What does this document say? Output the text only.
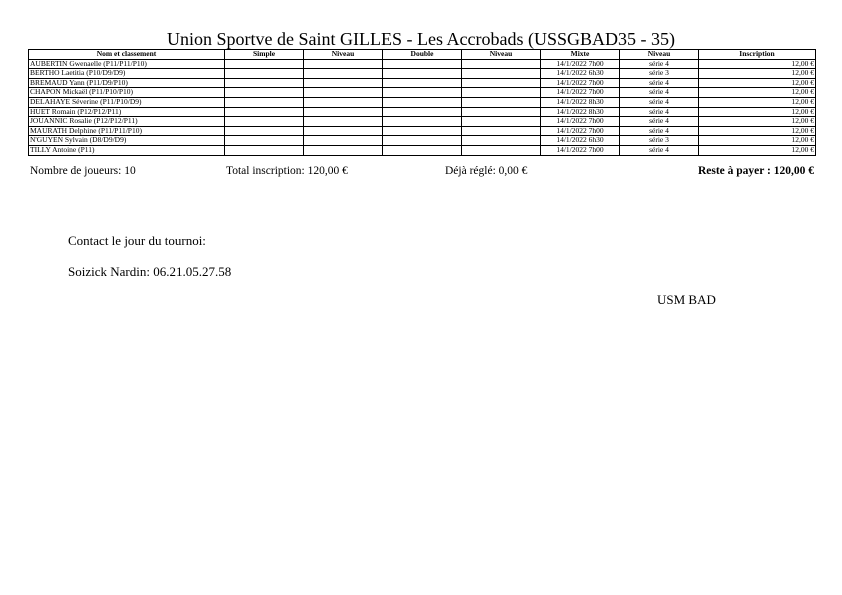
Union Sportve de Saint GILLES - Les Accrobads (USSGBAD35 - 35)
Nom et classement	Simple	Niveau	Double	Niveau	Mixte	Niveau	Inscription
AUBERTIN Gwenaelle (P11/P11/P10)					14/1/2022 7h00	série 4	12,00 €
BERTHO Laetitia (P10/D9/D9)					14/1/2022 6h30	série 3	12,00 €
BREMAUD Yann (P11/D9/P10)					14/1/2022 7h00	série 4	12,00 €
CHAPON Mickaël (P11/P10/P10)					14/1/2022 7h00	série 4	12,00 €
DELAHAYE Séverine (P11/P10/D9)					14/1/2022 8h30	série 4	12,00 €
HUET Romain (P12/P12/P11)					14/1/2022 8h30	série 4	12,00 €
JOUANNIC Rosalie (P12/P12/P11)					14/1/2022 7h00	série 4	12,00 €
MAURATH Delphine (P11/P11/P10)					14/1/2022 7h00	série 4	12,00 €
N'GUYEN Sylvain (D8/D9/D9)					14/1/2022 6h30	série 3	12,00 €
TILLY Antoine (P11)					14/1/2022 7h00	série 4	12,00 €
Nombre de joueurs: 10	Total inscription: 120,00 €	Déjà réglé: 0,00 €	Reste à payer : 120,00 €
Contact le jour du tournoi:
Soizick Nardin: 06.21.05.27.58
USM BAD
